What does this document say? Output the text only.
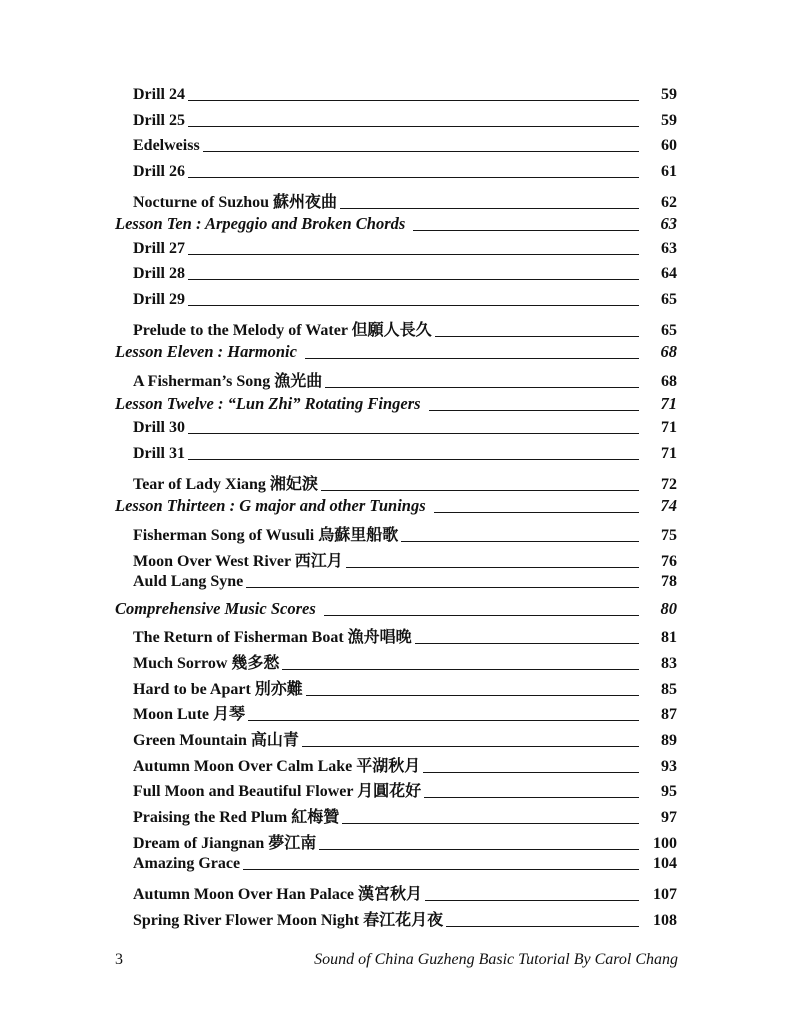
Drill 24	59
Drill 25	59
Edelweiss	60
Drill 26	61
Nocturne of Suzhou 蘇州夜曲	62
Lesson Ten : Arpeggio and Broken Chords	63
Drill 27	63
Drill 28	64
Drill 29	65
Prelude to the Melody of Water 但願人長久	65
Lesson Eleven : Harmonic	68
A Fisherman’s Song 漁光曲	68
Lesson Twelve : “Lun Zhi” Rotating Fingers	71
Drill 30	71
Drill 31	71
Tear of Lady Xiang 湘妃淚	72
Lesson Thirteen : G major and other Tunings	74
Fisherman Song of Wusuli 烏蘇里船歌	75
Moon Over West River 西江月	76
Auld Lang Syne	78
Comprehensive Music Scores	80
The Return of Fisherman Boat 漁舟唱晚	81
Much Sorrow 幾多愁	83
Hard to be Apart 別亦難	85
Moon Lute 月琴	87
Green Mountain 高山青	89
Autumn Moon Over Calm Lake 平湖秋月	93
Full Moon and Beautiful Flower 月圓花好	95
Praising the Red Plum 紅梅贊	97
Dream of Jiangnan 夢江南	100
Amazing Grace	104
Autumn Moon Over Han Palace 漢宮秋月	107
Spring River Flower Moon Night 春江花月夜	108
3	Sound of China Guzheng Basic Tutorial By Carol Chang
